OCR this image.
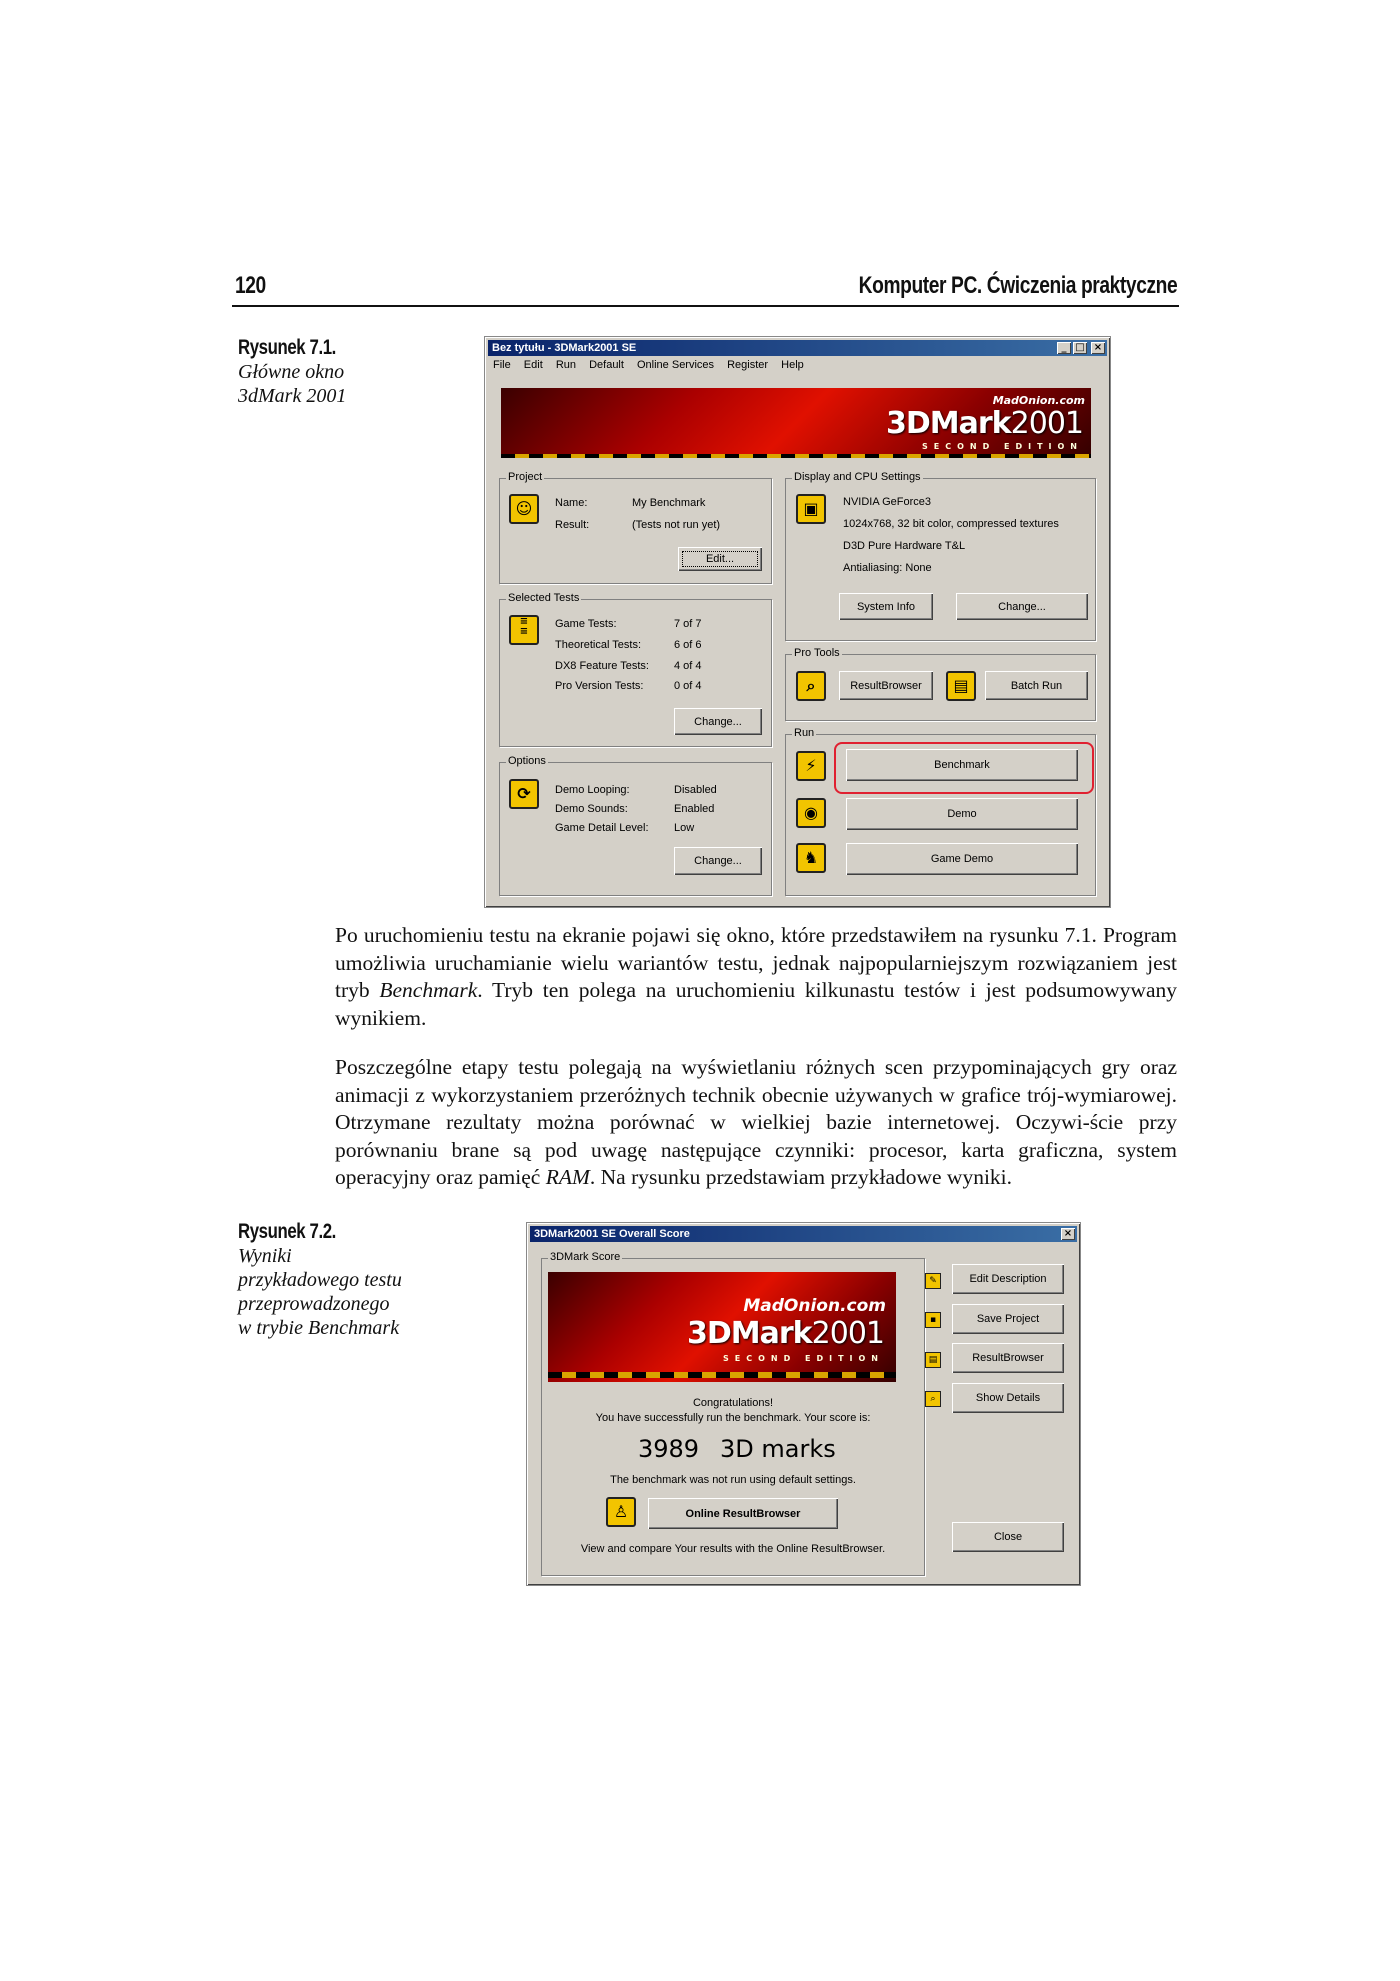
120	Komputer PC. Ćwiczenia praktyczne
Rysunek 7.1.
Główne okno
3dMark 2001
Bez tytułu - 3DMark2001 SE	_ □ ×
File Edit Run Default Online Services Register Help
MadOnion.com
3DMark2001
SECOND EDITION
Project
☺	Name:	My Benchmark
Result:	(Tests not run yet)
Edit...
Display and CPU Settings
▣	NVIDIA GeForce3
1024x768, 32 bit color, compressed textures
D3D Pure Hardware T&L
Antialiasing: None
System Info	Change...
Selected Tests
≡
≡
Game Tests:	7 of 7
Theoretical Tests:	6 of 6
DX8 Feature Tests: 4 of 4
Pro Version Tests:	0 of 4
Change...
Pro Tools
⌕	ResultBrowser	▤	Batch Run
Options
⟳	Demo Looping:	Disabled
Demo Sounds:	Enabled
Game Detail Level: Low
Change...
Run
⚡	Benchmark
◉	Demo
♞	Game Demo

Po uruchomieniu testu na ekranie pojawi się okno, które przedstawiłem na rysunku 7.1. Program umożliwia uruchamianie wielu wariantów testu, jednak najpopularniejszym rozwiązaniem jest tryb Benchmark. Tryb ten polega na uruchomieniu kilkunastu testów i jest podsumowywany wynikiem.

Poszczególne etapy testu polegają na wyświetlaniu różnych scen przypominających gry oraz animacji z wykorzystaniem przeróżnych technik obecnie używanych w grafice trój-wymiarowej. Otrzymane rezultaty można porównać w wielkiej bazie internetowej. Oczywi-ście przy porównaniu brane są pod uwagę następujące czynniki: procesor, karta graficzna, system operacyjny oraz pamięć RAM. Na rysunku przedstawiam przykładowe wyniki.

Rysunek 7.2.
Wyniki
przykładowego testu
przeprowadzonego
w trybie Benchmark
3DMark2001 SE Overall Score	×
3DMark Score
MadOnion.com
3DMark2001
SECOND EDITION
Congratulations!
You have successfully run the benchmark. Your score is:
3989 3D marks
The benchmark was not run using default settings.
♙	Online ResultBrowser
View and compare Your results with the Online ResultBrowser.
✎	Edit Description
▪	Save Project
▤	ResultBrowser
⌕	Show Details
Close
